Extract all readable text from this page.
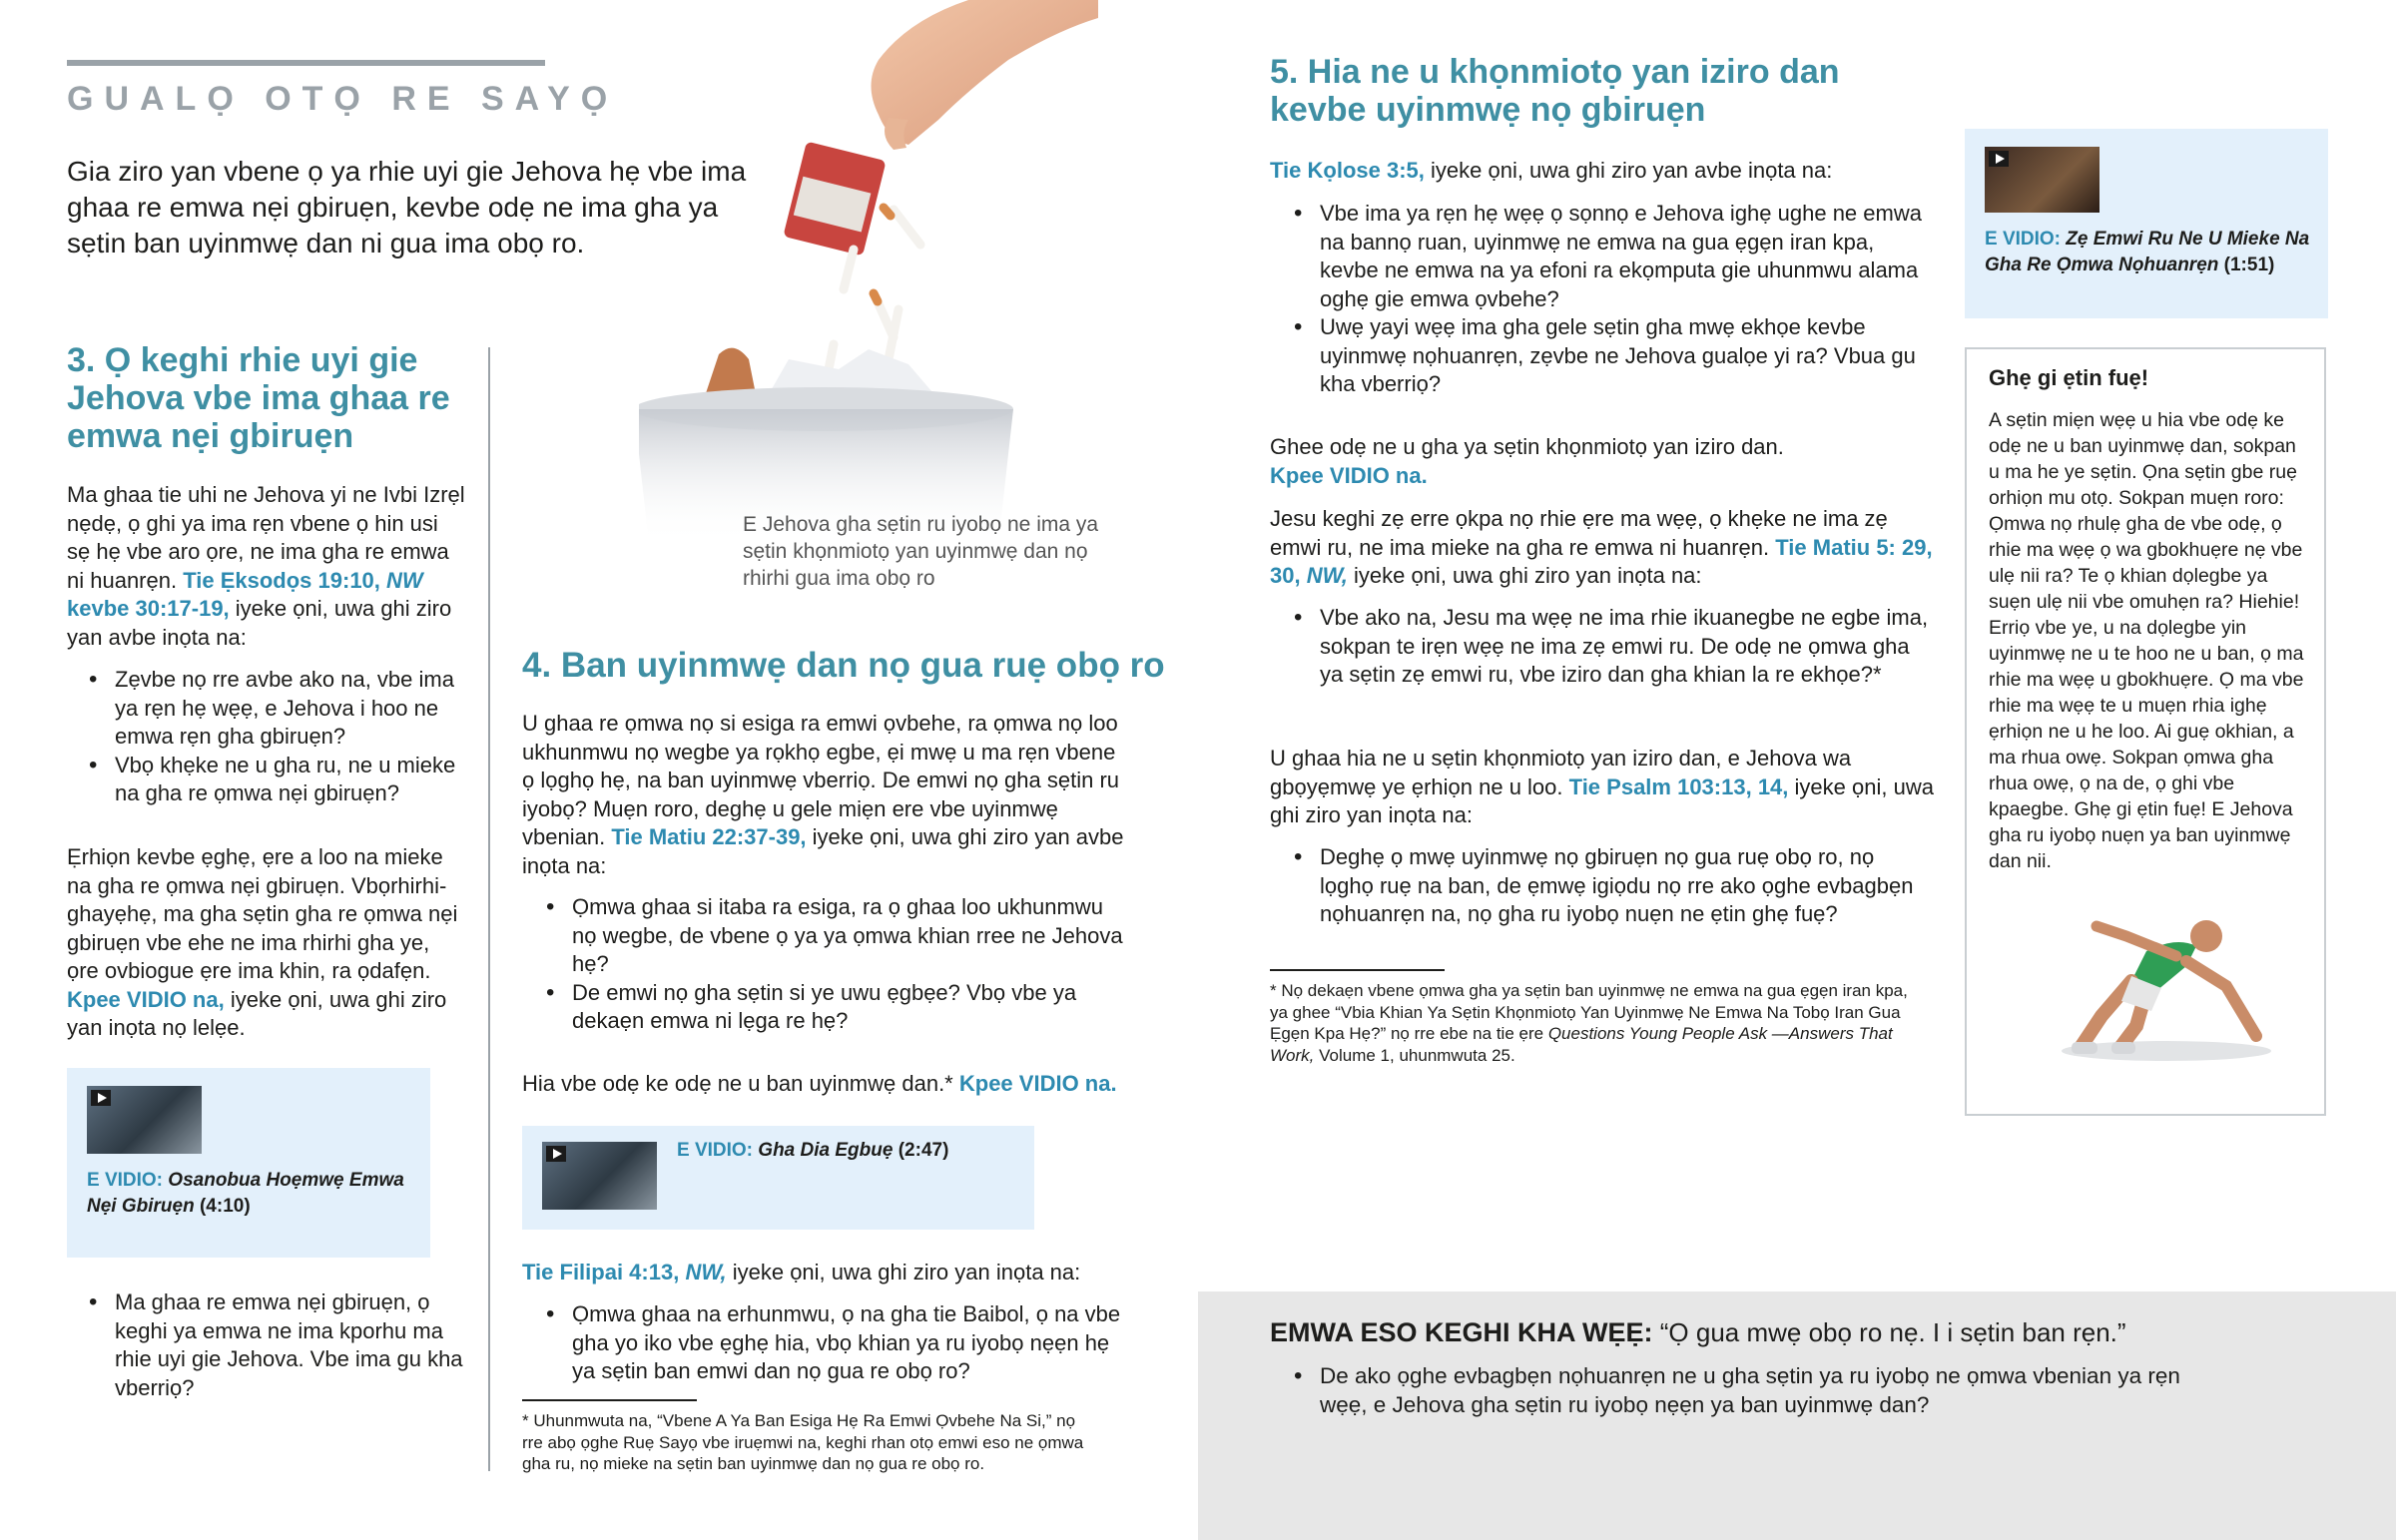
GUALỌ OTỌ RE SAYỌ
Gia ziro yan vbene ọ ya rhie uyi gie Jehova hẹ vbe ima ghaa re emwa nẹi gbiruẹn, kevbe odẹ ne ima gha ya sẹtin ban uyinmwẹ dan ni gua ima obọ ro.
E Jehova gha sẹtin ru iyobọ ne ima ya sẹtin khọnmiotọ yan uyinmwẹ dan nọ rhirhi gua ima obọ ro
3. Ọ keghi rhie uyi gie Jehova vbe ima ghaa re emwa nẹi gbiruẹn
Ma ghaa tie uhi ne Jehova yi ne Ivbi Izrẹl nẹdẹ, ọ ghi ya ima rẹn vbene ọ hin usi sẹ hẹ vbe aro ọre, ne ima gha re emwa ni huanrẹn. Tie Ẹksodọs 19:10, NW kevbe 30:17-19, iyeke ọni, uwa ghi ziro yan avbe inọta na:
• Zẹvbe nọ rre avbe ako na, vbe ima ya rẹn hẹ wẹẹ, e Jehova i hoo ne emwa rẹn gha gbiruẹn?
• Vbọ khẹke ne u gha ru, ne u mieke na gha re ọmwa nẹi gbiruẹn?
Ẹrhiọn kevbe ẹghẹ, ẹre a loo na mieke na gha re ọmwa nẹi gbiruẹn. Vbọrhirhighayẹhẹ, ma gha sẹtin gha re ọmwa nẹi gbiruẹn vbe ehe ne ima rhirhi gha ye, ọre ovbiogue ẹre ima khin, ra ọdafẹn. Kpee VIDIO na, iyeke ọni, uwa ghi ziro yan inọta nọ lelẹe.
E VIDIO: Osanobua Hoẹmwẹ Emwa Nẹi Gbiruẹn (4:10)
• Ma ghaa re emwa nẹi gbiruẹn, ọ keghi ya emwa ne ima kporhu ma rhie uyi gie Jehova. Vbe ima gu kha vberriọ?
4. Ban uyinmwẹ dan nọ gua ruẹ obọ ro
U ghaa re ọmwa nọ si esiga ra emwi ọvbehe, ra ọmwa nọ loo ukhunmwu nọ wegbe ya rọkhọ egbe, ẹi mwẹ u ma rẹn vbene ọ lọghọ hẹ, na ban uyinmwẹ vberriọ. De emwi nọ gha sẹtin ru iyobọ? Muẹn roro, deghẹ u gele miẹn ere vbe uyinmwẹ vbenian. Tie Matiu 22:37-39, iyeke ọni, uwa ghi ziro yan avbe inọta na:
• Ọmwa ghaa si itaba ra esiga, ra ọ ghaa loo ukhunmwu nọ wegbe, de vbene ọ ya ya ọmwa khian rree ne Jehova hẹ?
• De emwi nọ gha sẹtin si ye uwu ẹgbẹe? Vbọ vbe ya dekaẹn emwa ni lẹga re hẹ?
Hia vbe odẹ ke odẹ ne u ban uyinmwẹ dan.* Kpee VIDIO na.
E VIDIO: Gha Dia Egbuẹ (2:47)
Tie Filipai 4:13, NW, iyeke ọni, uwa ghi ziro yan inọta na:
• Ọmwa ghaa na erhunmwu, ọ na gha tie Baibol, ọ na vbe gha yo iko vbe ẹghẹ hia, vbọ khian ya ru iyobọ nẹẹn hẹ ya sẹtin ban emwi dan nọ gua re obọ ro?
* Uhunmwuta na, “Vbene A Ya Ban Esiga Hẹ Ra Emwi Ọvbehe Na Si,” nọ rre abọ ọghe Ruẹ Sayọ vbe iruẹmwi na, keghi rhan otọ emwi eso ne ọmwa gha ru, nọ mieke na sẹtin ban uyinmwẹ dan nọ gua re obọ ro.
5. Hia ne u khọnmiotọ yan iziro dan kevbe uyinmwẹ nọ gbiruẹn
Tie Kọlose 3:5, iyeke ọni, uwa ghi ziro yan avbe inọta na:
• Vbe ima ya rẹn hẹ wẹẹ ọ sọnnọ e Jehova ighẹ ughe ne emwa na bannọ ruan, uyinmwẹ ne emwa na gua ẹgẹn iran kpa, kevbe ne emwa na ya efoni ra ekọmputa gie uhunmwu alama oghẹ gie emwa ọvbehe?
• Uwẹ yayi wẹẹ ima gha gele sẹtin gha mwẹ ekhọe kevbe uyinmwẹ nọhuanrẹn, zẹvbe ne Jehova gualọe yi ra? Vbua gu kha vberriọ?
Ghee odẹ ne u gha ya sẹtin khọnmiotọ yan iziro dan.
Kpee VIDIO na.
Jesu keghi zẹ erre ọkpa nọ rhie ẹre ma wẹẹ, ọ khẹke ne ima zẹ emwi ru, ne ima mieke na gha re emwa ni huanrẹn. Tie Matiu 5: 29, 30, NW, iyeke ọni, uwa ghi ziro yan inọta na:
• Vbe ako na, Jesu ma wẹẹ ne ima rhie ikuanegbe ne egbe ima, sokpan te irẹn wẹẹ ne ima zẹ emwi ru. De odẹ ne ọmwa gha ya sẹtin zẹ emwi ru, vbe iziro dan gha khian la re ekhọe?*
U ghaa hia ne u sẹtin khọnmiotọ yan iziro dan, e Jehova wa gbọyẹmwẹ ye ẹrhiọn ne u loo. Tie Psalm 103:13, 14, iyeke ọni, uwa ghi ziro yan inọta na:
• Deghẹ ọ mwẹ uyinmwẹ nọ gbiruẹn nọ gua ruẹ obọ ro, nọ lọghọ ruẹ na ban, de ẹmwẹ igiọdu nọ rre ako ọghe evbagbẹn nọhuanrẹn na, nọ gha ru iyobọ nuẹn ne ẹtin ghẹ fuẹ?
* Nọ dekaẹn vbene ọmwa gha ya sẹtin ban uyinmwẹ ne emwa na gua ẹgẹn iran kpa, ya ghee “Vbia Khian Ya Sẹtin Khọnmiotọ Yan Uyinmwẹ Ne Emwa Na Tobọ Iran Gua Ẹgẹn Kpa Hẹ?” nọ rre ebe na tie ẹre Questions Young People Ask —Answers That Work, Volume 1, uhunmwuta 25.
E VIDIO: Zẹ Emwi Ru Ne U Mieke Na Gha Re Ọmwa Nọhuanrẹn (1:51)
Ghẹ gi ẹtin fuẹ!
A sẹtin miẹn wẹẹ u hia vbe odẹ ke odẹ ne u ban uyinmwẹ dan, sokpan u ma he ye sẹtin. Ọna sẹtin gbe ruẹ orhiọn mu otọ. Sokpan muẹn roro: Ọmwa nọ rhulẹ gha de vbe odẹ, ọ rhie ma wẹẹ ọ wa gbokhuẹre nẹ vbe ulẹ nii ra? Te ọ khian dọlegbe ya suẹn ulẹ nii vbe omuhẹn ra? Hiehie! Erriọ vbe ye, u na dọlegbe yin uyinmwẹ ne u te hoo ne u ban, ọ ma rhie ma wẹẹ u gbokhuẹre. Ọ ma vbe rhie ma wẹẹ te u muẹn rhia ighẹ ẹrhiọn ne u he loo. Ai guẹ okhian, a ma rhua owẹ. Sokpan ọmwa gha rhua owẹ, ọ na de, ọ ghi vbe kpaegbe. Ghẹ gi ẹtin fuẹ! E Jehova gha ru iyobọ nuẹn ya ban uyinmwẹ dan nii.
EMWA ESO KEGHI KHA WẸẸ: “Ọ gua mwẹ obọ ro nẹ. I i sẹtin ban rẹn.”
• De ako ọghe evbagbẹn nọhuanrẹn ne u gha sẹtin ya ru iyobọ ne ọmwa vbenian ya rẹn wẹẹ, e Jehova gha sẹtin ru iyobọ nẹẹn ya ban uyinmwẹ dan?
